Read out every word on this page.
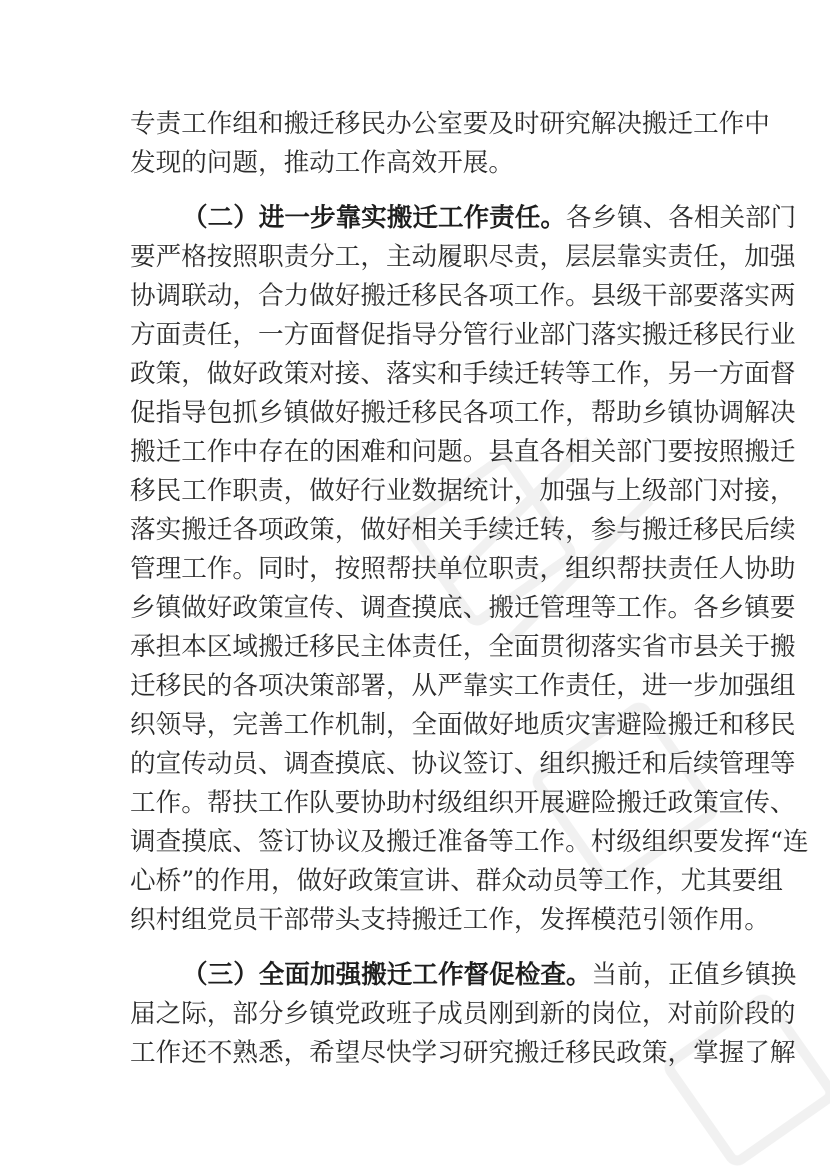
专责工作组和搬迁移民办公室要及时研究解决搬迁工作中
发现的问题，推动工作高效开展。
（二）进一步靠实搬迁工作责任。各乡镇、各相关部门
要严格按照职责分工，主动履职尽责，层层靠实责任，加强
协调联动，合力做好搬迁移民各项工作。县级干部要落实两
方面责任，一方面督促指导分管行业部门落实搬迁移民行业
政策，做好政策对接、落实和手续迁转等工作，另一方面督
促指导包抓乡镇做好搬迁移民各项工作，帮助乡镇协调解决
搬迁工作中存在的困难和问题。县直各相关部门要按照搬迁
移民工作职责，做好行业数据统计，加强与上级部门对接，
落实搬迁各项政策，做好相关手续迁转，参与搬迁移民后续
管理工作。同时，按照帮扶单位职责，组织帮扶责任人协助
乡镇做好政策宣传、调查摸底、搬迁管理等工作。各乡镇要
承担本区域搬迁移民主体责任，全面贯彻落实省市县关于搬
迁移民的各项决策部署，从严靠实工作责任，进一步加强组
织领导，完善工作机制，全面做好地质灾害避险搬迁和移民
的宣传动员、调查摸底、协议签订、组织搬迁和后续管理等
工作。帮扶工作队要协助村级组织开展避险搬迁政策宣传、
调查摸底、签订协议及搬迁准备等工作。村级组织要发挥“连
心桥”的作用，做好政策宣讲、群众动员等工作，尤其要组
织村组党员干部带头支持搬迁工作，发挥模范引领作用。
（三）全面加强搬迁工作督促检查。当前，正值乡镇换
届之际，部分乡镇党政班子成员刚到新的岗位，对前阶段的
工作还不熟悉，希望尽快学习研究搬迁移民政策，掌握了解
